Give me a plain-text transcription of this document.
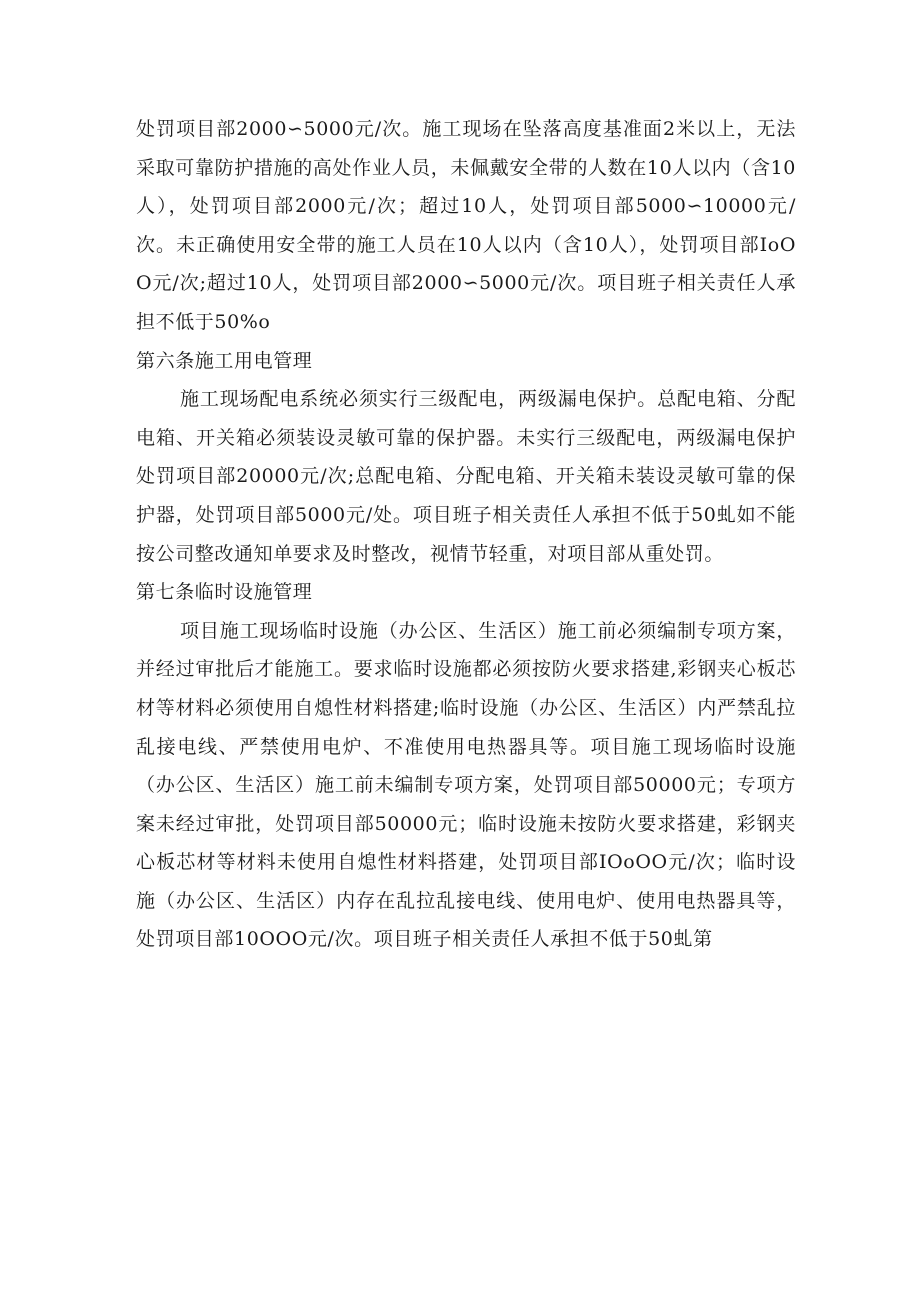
处罚项目部2000∽5000元/次。施工现场在坠落高度基准面2米以上，无法采取可靠防护措施的高处作业人员，未佩戴安全带的人数在10人以内（含10人），处罚项目部2000元/次；超过10人，处罚项目部5000∽10000元/次。未正确使用安全带的施工人员在10人以内（含10人），处罚项目部IoOO元/次;超过10人，处罚项目部2000∽5000元/次。项目班子相关责任人承担不低于50%o

第六条施工用电管理

施工现场配电系统必须实行三级配电，两级漏电保护。总配电箱、分配电箱、开关箱必须装设灵敏可靠的保护器。未实行三级配电，两级漏电保护处罚项目部20000元/次;总配电箱、分配电箱、开关箱未装设灵敏可靠的保护器，处罚项目部5000元/处。项目班子相关责任人承担不低于50虬如不能按公司整改通知单要求及时整改，视情节轻重，对项目部从重处罚。

第七条临时设施管理

项目施工现场临时设施（办公区、生活区）施工前必须编制专项方案，并经过审批后才能施工。要求临时设施都必须按防火要求搭建,彩钢夹心板芯材等材料必须使用自熄性材料搭建;临时设施（办公区、生活区）内严禁乱拉乱接电线、严禁使用电炉、不准使用电热器具等。项目施工现场临时设施（办公区、生活区）施工前未编制专项方案，处罚项目部50000元；专项方案未经过审批，处罚项目部50000元；临时设施未按防火要求搭建，彩钢夹心板芯材等材料未使用自熄性材料搭建，处罚项目部IOoOO元/次；临时设施（办公区、生活区）内存在乱拉乱接电线、使用电炉、使用电热器具等，处罚项目部10OOO元/次。项目班子相关责任人承担不低于50虬第
